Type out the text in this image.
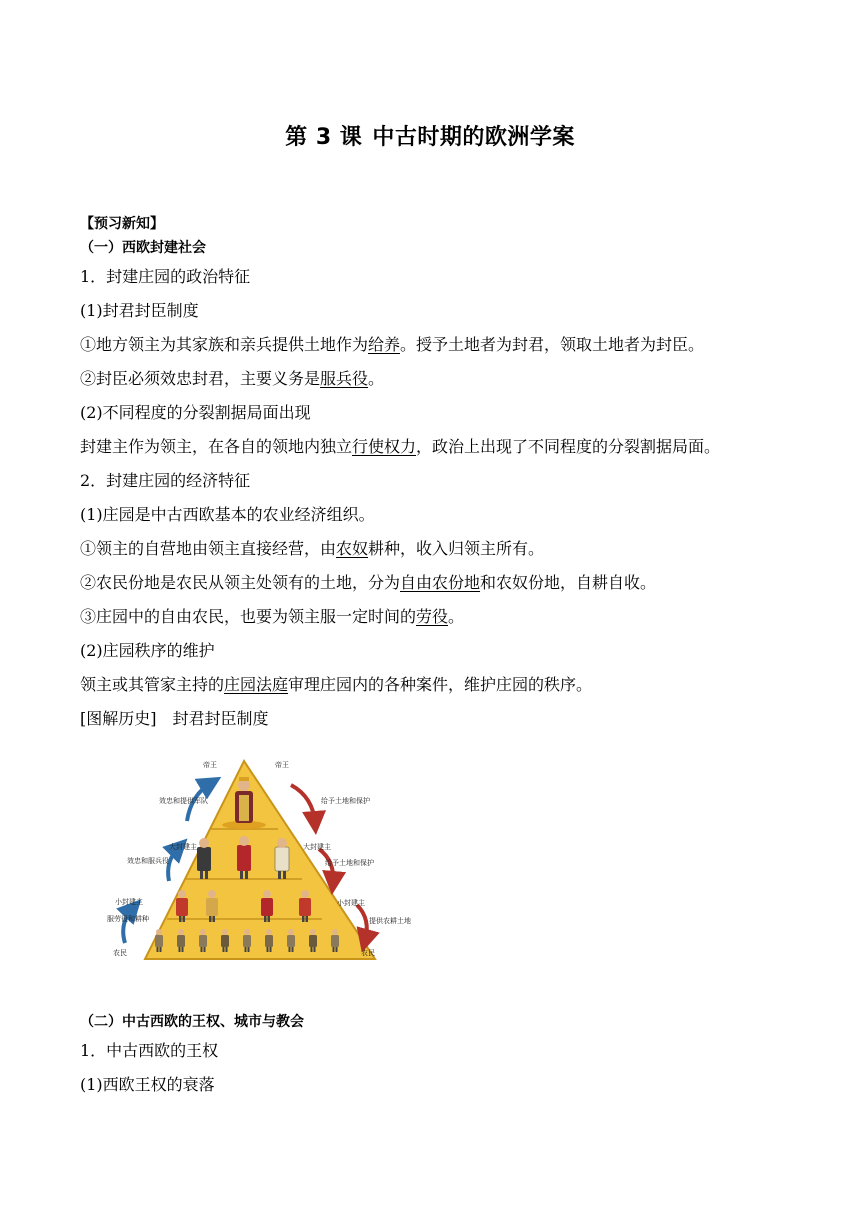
第 3 课 中古时期的欧洲学案
【预习新知】
（一）西欧封建社会
1．封建庄园的政治特征
(1)封君封臣制度
①地方领主为其家族和亲兵提供土地作为给养。授予土地者为封君，领取土地者为封臣。
②封臣必须效忠封君，主要义务是服兵役。
(2)不同程度的分裂割据局面出现
封建主作为领主，在各自的领地内独立行使权力，政治上出现了不同程度的分裂割据局面。
2．封建庄园的经济特征
(1)庄园是中古西欧基本的农业经济组织。
①领主的自营地由领主直接经营，由农奴耕种，收入归领主所有。
②农民份地是农民从领主处领有的土地，分为自由农份地和农奴份地，自耕自收。
③庄园中的自由农民，也要为领主服一定时间的劳役。
(2)庄园秩序的维护
领主或其管家主持的庄园法庭审理庄园内的各种案件，维护庄园的秩序。
[图解历史]　封君封臣制度
帝王
效忠和提供军队
大封建主
效忠和服兵役
小封建主
服劳役和耕种
农民
帝王
给予土地和保护
大封建主
给予土地和保护
小封建主
提供农耕土地
农民
（二）中古西欧的王权、城市与教会
1．中古西欧的王权
(1)西欧王权的衰落
